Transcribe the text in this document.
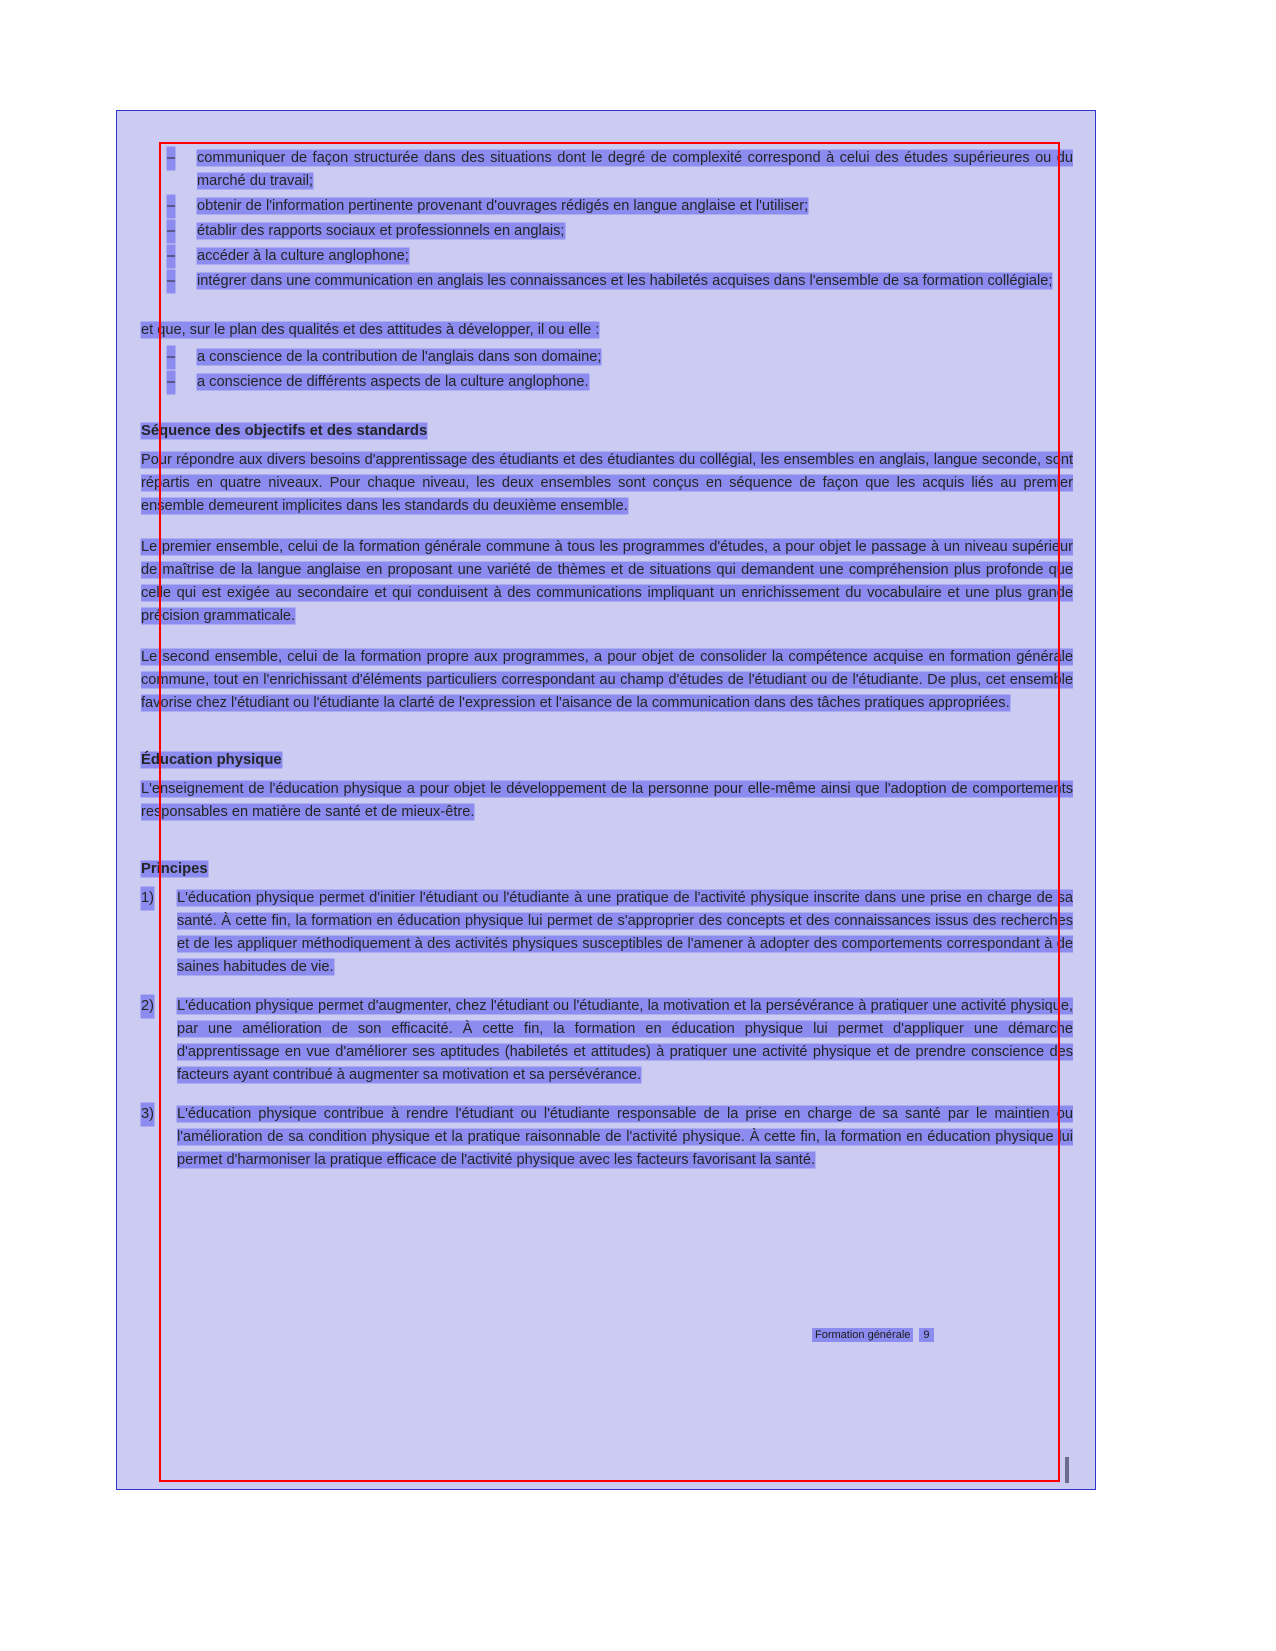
– communiquer de façon structurée dans des situations dont le degré de complexité correspond à celui des études supérieures ou du marché du travail;
– obtenir de l'information pertinente provenant d'ouvrages rédigés en langue anglaise et l'utiliser;
– établir des rapports sociaux et professionnels en anglais;
– accéder à la culture anglophone;
– intégrer dans une communication en anglais les connaissances et les habiletés acquises dans l'ensemble de sa formation collégiale;

et que, sur le plan des qualités et des attitudes à développer, il ou elle :

– a conscience de la contribution de l'anglais dans son domaine;
– a conscience de différents aspects de la culture anglophone.
Séquence des objectifs et des standards

Pour répondre aux divers besoins d'apprentissage des étudiants et des étudiantes du collégial, les ensembles en anglais, langue seconde, sont répartis en quatre niveaux. Pour chaque niveau, les deux ensembles sont conçus en séquence de façon que les acquis liés au premier ensemble demeurent implicites dans les standards du deuxième ensemble.

Le premier ensemble, celui de la formation générale commune à tous les programmes d'études, a pour objet le passage à un niveau supérieur de maîtrise de la langue anglaise en proposant une variété de thèmes et de situations qui demandent une compréhension plus profonde que celle qui est exigée au secondaire et qui conduisent à des communications impliquant un enrichissement du vocabulaire et une plus grande précision grammaticale.

Le second ensemble, celui de la formation propre aux programmes, a pour objet de consolider la compétence acquise en formation générale commune, tout en l'enrichissant d'éléments particuliers correspondant au champ d'études de l'étudiant ou de l'étudiante. De plus, cet ensemble favorise chez l'étudiant ou l'étudiante la clarté de l'expression et l'aisance de la communication dans des tâches pratiques appropriées.

Éducation physique

L'enseignement de l'éducation physique a pour objet le développement de la personne pour elle-même ainsi que l'adoption de comportements responsables en matière de santé et de mieux-être.

Principes
1) L'éducation physique permet d'initier l'étudiant ou l'étudiante à une pratique de l'activité physique inscrite dans une prise en charge de sa santé. À cette fin, la formation en éducation physique lui permet de s'approprier des concepts et des connaissances issus des recherches et de les appliquer méthodiquement à des activités physiques susceptibles de l'amener à adopter des comportements correspondant à de saines habitudes de vie.
2) L'éducation physique permet d'augmenter, chez l'étudiant ou l'étudiante, la motivation et la persévérance à pratiquer une activité physique, par une amélioration de son efficacité. À cette fin, la formation en éducation physique lui permet d'appliquer une démarche d'apprentissage en vue d'améliorer ses aptitudes (habiletés et attitudes) à pratiquer une activité physique et de prendre conscience des facteurs ayant contribué à augmenter sa motivation et sa persévérance.
3) L'éducation physique contribue à rendre l'étudiant ou l'étudiante responsable de la prise en charge de sa santé par le maintien ou l'amélioration de sa condition physique et la pratique raisonnable de l'activité physique. À cette fin, la formation en éducation physique lui permet d'harmoniser la pratique efficace de l'activité physique avec les facteurs favorisant la santé.
Formation générale	9
